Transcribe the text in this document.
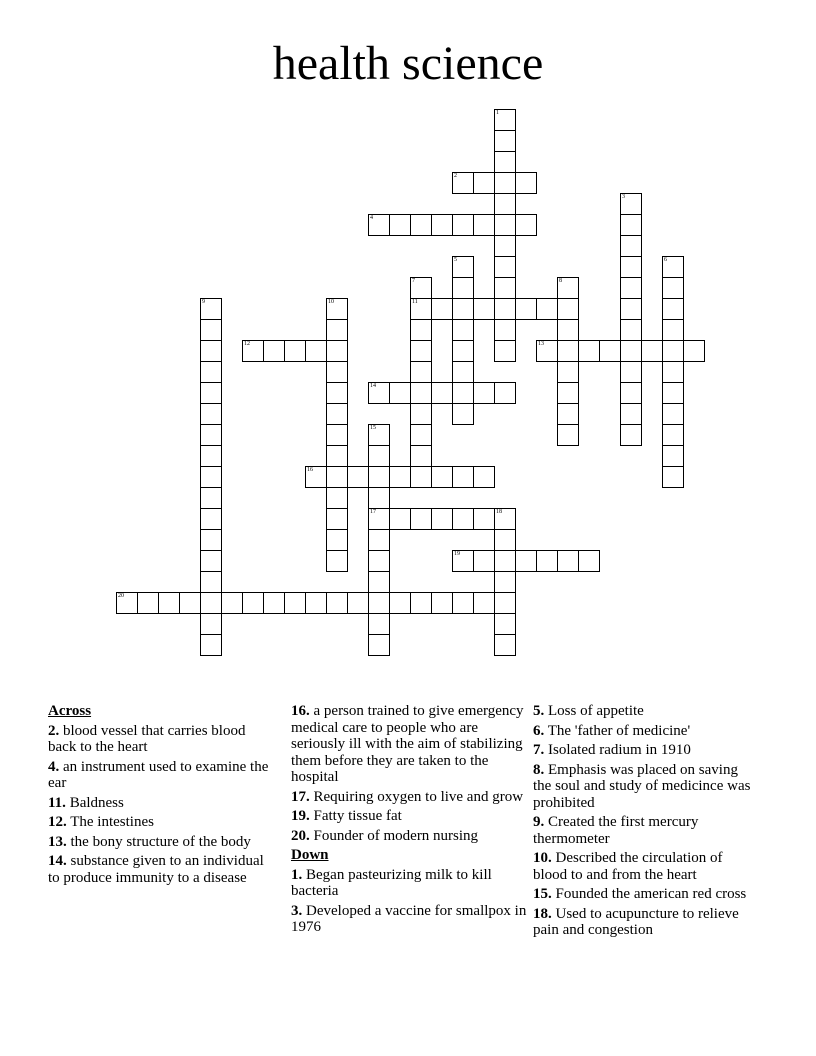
health science
1
2
3
4
5	6
7
11
8
9	10
12	13
14
15
17
16
18
19
20
Across
2. blood vessel that carries blood back to the heart
4. an instrument used to examine the ear
11. Baldness
12. The intestines
13. the bony structure of the body
14. substance given to an individual to produce immunity to a disease
16. a person trained to give emergency medical care to people who are seriously ill with the aim of stabilizing them before they are taken to the hospital
17. Requiring oxygen to live and grow
19. Fatty tissue fat
20. Founder of modern nursing
Down
1. Began pasteurizing milk to kill bacteria
3. Developed a vaccine for smallpox in 1976
5. Loss of appetite
6. The 'father of medicine'
7. Isolated radium in 1910
8. Emphasis was placed on saving the soul and study of medicince was prohibited
9. Created the first mercury thermometer
10. Described the circulation of blood to and from the heart
15. Founded the american red cross
18. Used to acupuncture to relieve pain and congestion
